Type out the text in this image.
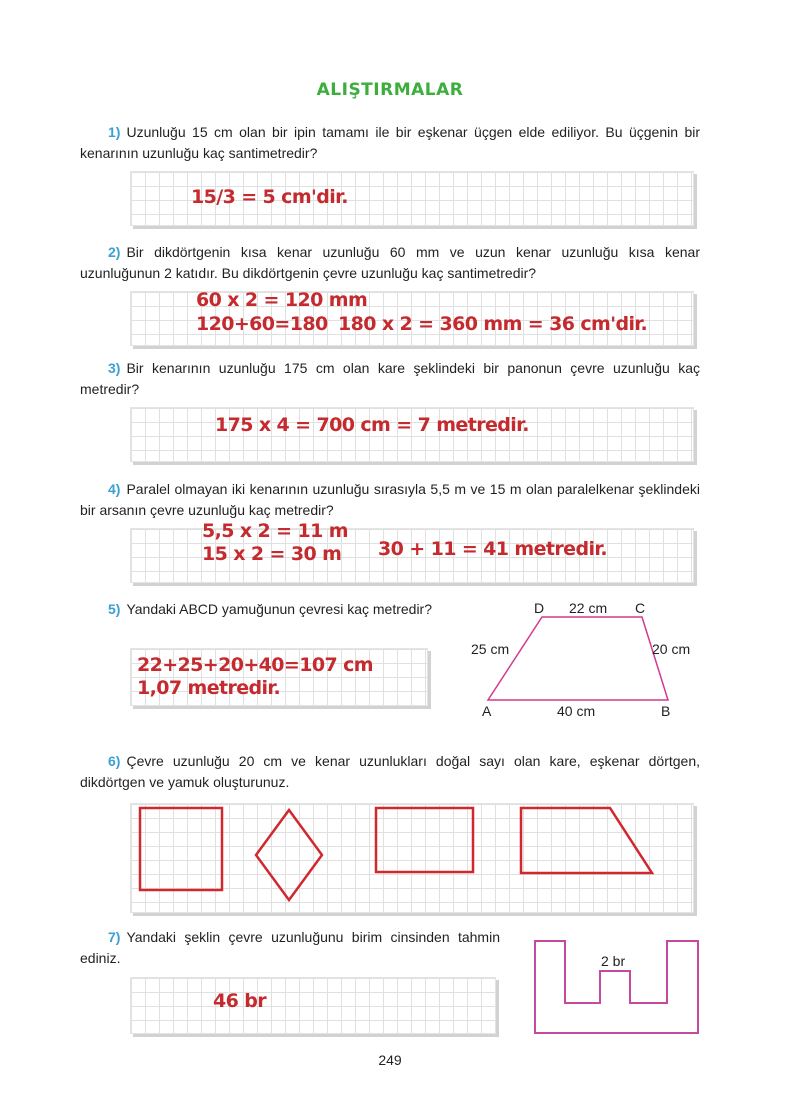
ALIŞTIRMALAR
1) Uzunluğu 15 cm olan bir ipin tamamı ile bir eşkenar üçgen elde ediliyor. Bu üçgenin bir kenarının uzunluğu kaç santimetredir?
15/3 = 5 cm'dir.
2) Bir dikdörtgenin kısa kenar uzunluğu 60 mm ve uzun kenar uzunluğu kısa kenar uzunluğunun 2 katıdır. Bu dikdörtgenin çevre uzunluğu kaç santimetredir?
60 x 2 = 120 mm
120+60=180 180 x 2 = 360 mm = 36 cm'dir.
3) Bir kenarının uzunluğu 175 cm olan kare şeklindeki bir panonun çevre uzunluğu kaç metredir?
175 x 4 = 700 cm = 7 metredir.
4) Paralel olmayan iki kenarının uzunluğu sırasıyla 5,5 m ve 15 m olan paralelkenar şeklindeki bir arsanın çevre uzunluğu kaç metredir?
5,5 x 2 = 11 m
15 x 2 = 30 m 30 + 11 = 41 metredir.
5) Yandaki ABCD yamuğunun çevresi kaç metredir?
22+25+20+40=107 cm
1,07 metredir.
D 22 cm C
25 cm	20 cm
A	40 cm	B
6) Çevre uzunluğu 20 cm ve kenar uzunlukları doğal sayı olan kare, eşkenar dörtgen, dikdörtgen ve yamuk oluşturunuz.
7) Yandaki şeklin çevre uzunluğunu birim cinsinden tahmin ediniz.
46 br
2 br
249
